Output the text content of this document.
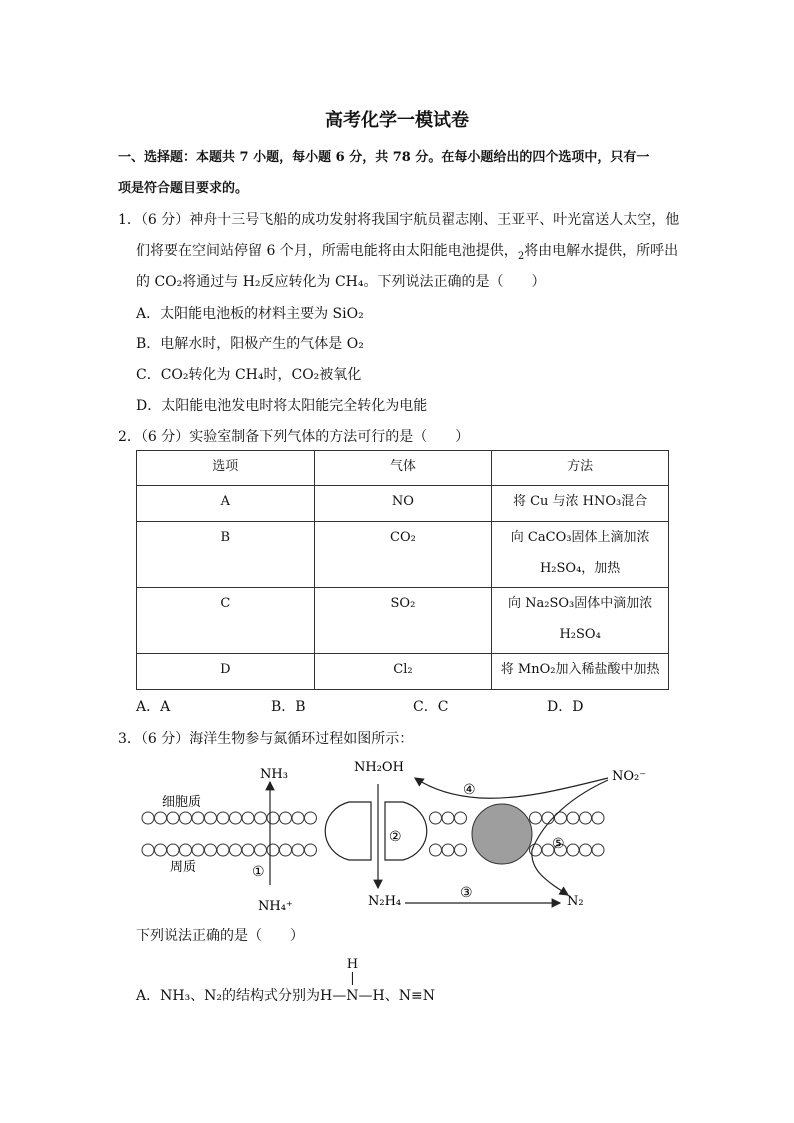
高考化学一模试卷
一、选择题：本题共 7 小题，每小题 6 分，共 78 分。在每小题给出的四个选项中，只有一
项是符合题目要求的。
1．（6 分）神舟十三号飞船的成功发射将我国宇航员翟志刚、王亚平、叶光富送人太空，他
们将要在空间站停留 6 个月，所需电能将由太阳能电池提供，$_2$将由电解水提供，所呼出
的 CO₂将通过与 H₂反应转化为 CH₄。下列说法正确的是（　　）
A．太阳能电池板的材料主要为 SiO₂
B．电解水时，阳极产生的气体是 O₂
C．CO₂转化为 CH₄时，CO₂被氧化
D．太阳能电池发电时将太阳能完全转化为电能
2．（6 分）实验室制备下列气体的方法可行的是（　　）
选项	气体	方法

A	NO	将 Cu 与浓 HNO₃混合

B	CO₂	向 CaCO₃固体上滴加浓
H₂SO₄，加热

C	SO₂	向 Na₂SO₃固体中滴加浓
H₂SO₄

D	Cl₂	将 MnO₂加入稀盐酸中加热
A．A	B．B	C．C	D．D
3．（6 分）海洋生物参与氮循环过程如图所示：
NH₃
NH₄⁺
NH₂OH
N₂H₄
NO₂⁻
N₂
细胞质
周质	①
②
③
④
⑤
下列说法正确的是（　　）
A．NH₃、N₂的结构式分别为
H
|
H—N—H、N≡N
